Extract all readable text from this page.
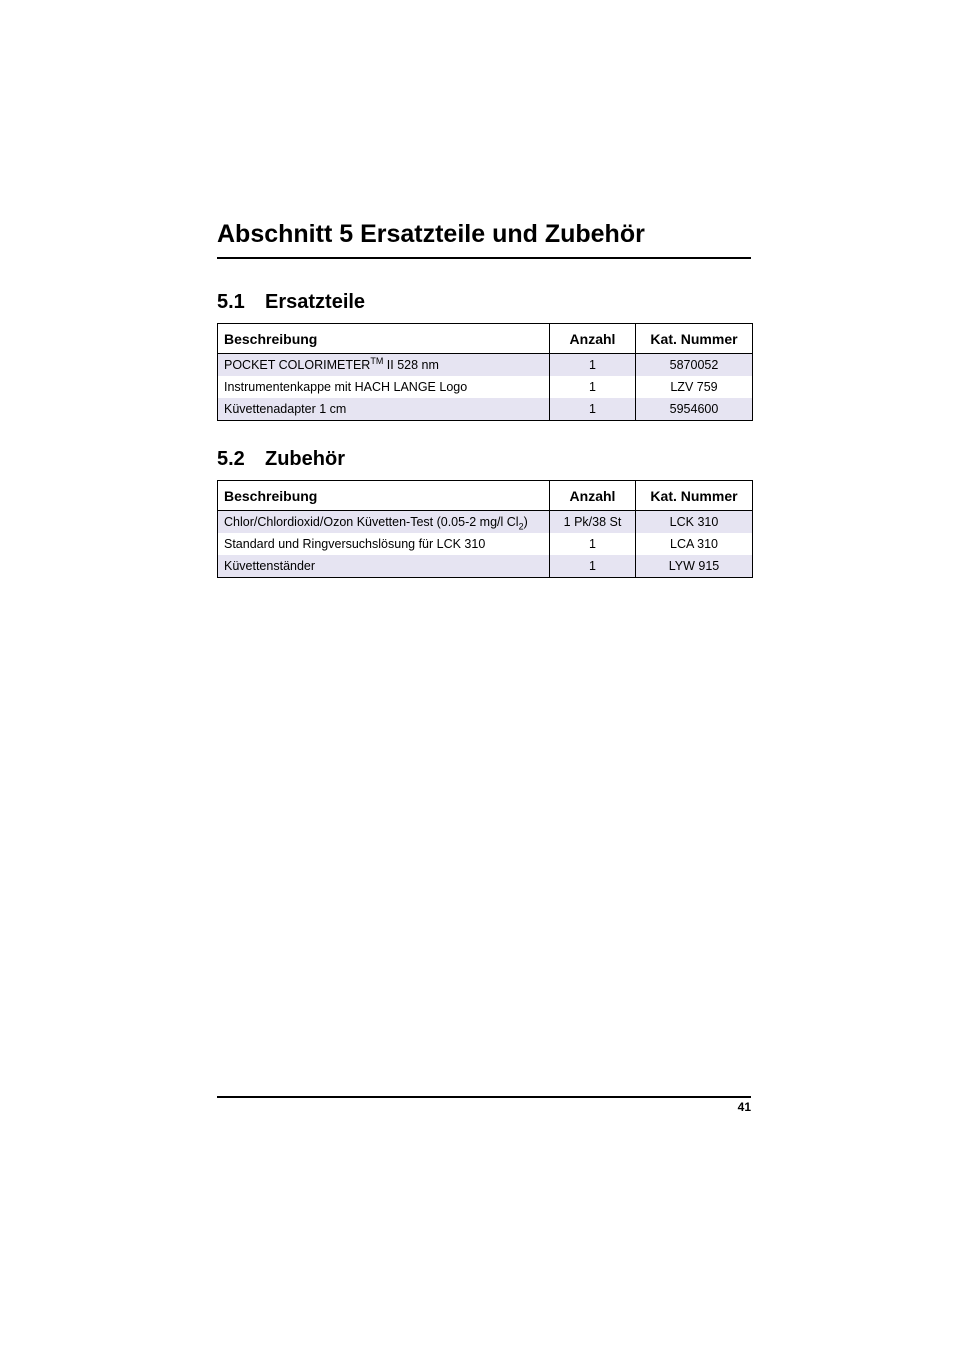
Abschnitt 5 Ersatzteile und Zubehör
5.1 Ersatzteile
Beschreibung	Anzahl	Kat. Nummer
POCKET COLORIMETER™ II 528 nm	1	5870052
Instrumentenkappe mit HACH LANGE Logo	1	LZV 759
Küvettenadapter 1 cm	1	5954600
5.2 Zubehör
Beschreibung	Anzahl	Kat. Nummer
Chlor/Chlordioxid/Ozon Küvetten-Test (0.05-2 mg/l $Cl_2$)	1 Pk/38 St	LCK 310
Standard und Ringversuchslösung für LCK 310	1	LCA 310
Küvettenständer	1	LYW 915
41
